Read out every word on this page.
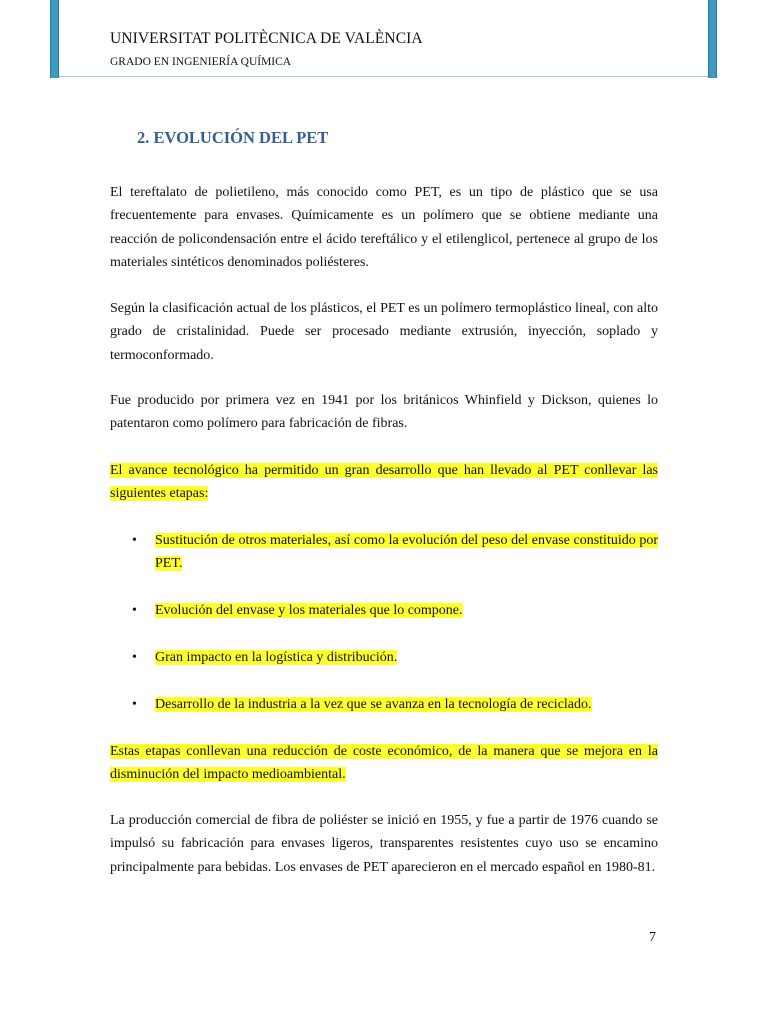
UNIVERSITAT POLITÈCNICA DE VALÈNCIA
GRADO EN INGENIERÍA QUÍMICA
2. EVOLUCIÓN DEL PET

El tereftalato de polietileno, más conocido como PET, es un tipo de plástico que se usa frecuentemente para envases. Químicamente es un polímero que se obtiene mediante una reacción de policondensación entre el ácido tereftálico y el etilenglicol, pertenece al grupo de los materiales sintéticos denominados poliésteres.

Según la clasificación actual de los plásticos, el PET es un polímero termoplástico lineal, con alto grado de cristalinidad. Puede ser procesado mediante extrusión, inyección, soplado y termoconformado.

Fue producido por primera vez en 1941 por los británicos Whinfield y Dickson, quienes lo patentaron como polímero para fabricación de fibras.

El avance tecnológico ha permitido un gran desarrollo que han llevado al PET conllevar las siguientes etapas:

• Sustitución de otros materiales, así como la evolución del peso del envase constituido por PET.
• Evolución del envase y los materiales que lo compone.
• Gran impacto en la logística y distribución.
• Desarrollo de la industria a la vez que se avanza en la tecnología de reciclado.

Estas etapas conllevan una reducción de coste económico, de la manera que se mejora en la disminución del impacto medioambiental.

La producción comercial de fibra de poliéster se inició en 1955, y fue a partir de 1976 cuando se impulsó su fabricación para envases ligeros, transparentes resistentes cuyo uso se encamino principalmente para bebidas. Los envases de PET aparecieron en el mercado español en 1980-81.

7
